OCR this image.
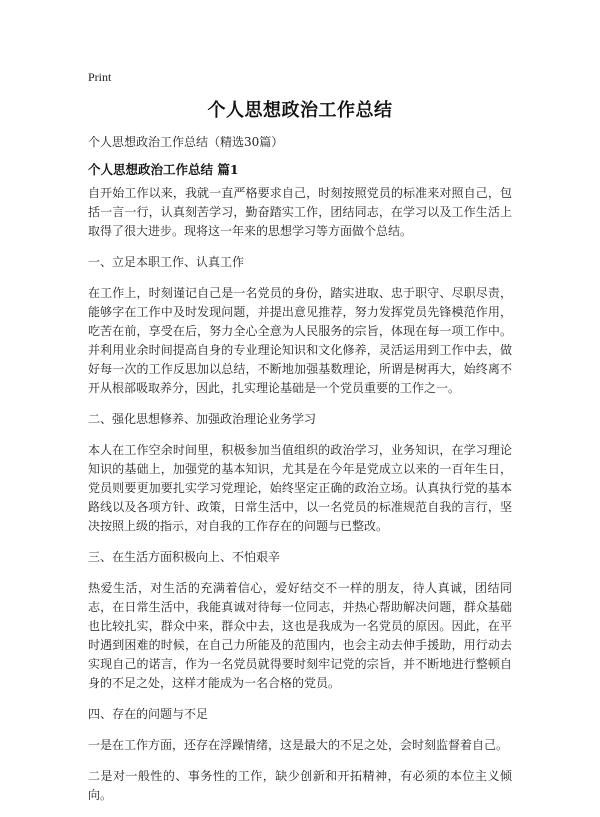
Print
个人思想政治工作总结
个人思想政治工作总结（精选30篇）
个人思想政治工作总结 篇1

自开始工作以来，我就一直严格要求自己，时刻按照党员的标准来对照自己，包括一言一行，认真刻苦学习，勤奋踏实工作，团结同志，在学习以及工作生活上取得了很大进步。现将这一年来的思想学习等方面做个总结。

一、立足本职工作、认真工作

在工作上，时刻谨记自己是一名党员的身份，踏实进取、忠于职守、尽职尽责，能够字在工作中及时发现问题，并提出意见推荐，努力发挥党员先锋模范作用，吃苦在前，享受在后，努力全心全意为人民服务的宗旨，体现在每一项工作中。并利用业余时间提高自身的专业理论知识和文化修养，灵活运用到工作中去，做好每一次的工作反思加以总结，不断地加强基数理论，所谓是树再大，始终离不开从根部吸取养分，因此，扎实理论基础是一个党员重要的工作之一。

二、强化思想修养、加强政治理论业务学习

本人在工作空余时间里，积极参加当值组织的政治学习，业务知识，在学习理论知识的基础上，加强党的基本知识，尤其是在今年是党成立以来的一百年生日，党员则要更加要扎实学习党理论，始终坚定正确的政治立场。认真执行党的基本路线以及各项方针、政策，日常生活中，以一名党员的标准规范自我的言行，坚决按照上级的指示，对自我的工作存在的问题与已整改。

三、在生活方面积极向上、不怕艰辛

热爱生活，对生活的充满着信心，爱好结交不一样的朋友，待人真诚，团结同志，在日常生活中，我能真诚对待每一位同志，并热心帮助解决问题，群众基础也比较扎实，群众中来，群众中去，这也是我成为一名党员的原因。因此，在平时遇到困难的时候，在自己力所能及的范围内，也会主动去伸手援助，用行动去实现自己的诺言，作为一名党员就得要时刻牢记党的宗旨，并不断地进行整顿自身的不足之处，这样才能成为一名合格的党员。

四、存在的问题与不足

一是在工作方面，还存在浮躁情绪，这是最大的不足之处，会时刻监督着自己。

二是对一般性的、事务性的工作，缺少创新和开拓精神，有必须的本位主义倾向。
